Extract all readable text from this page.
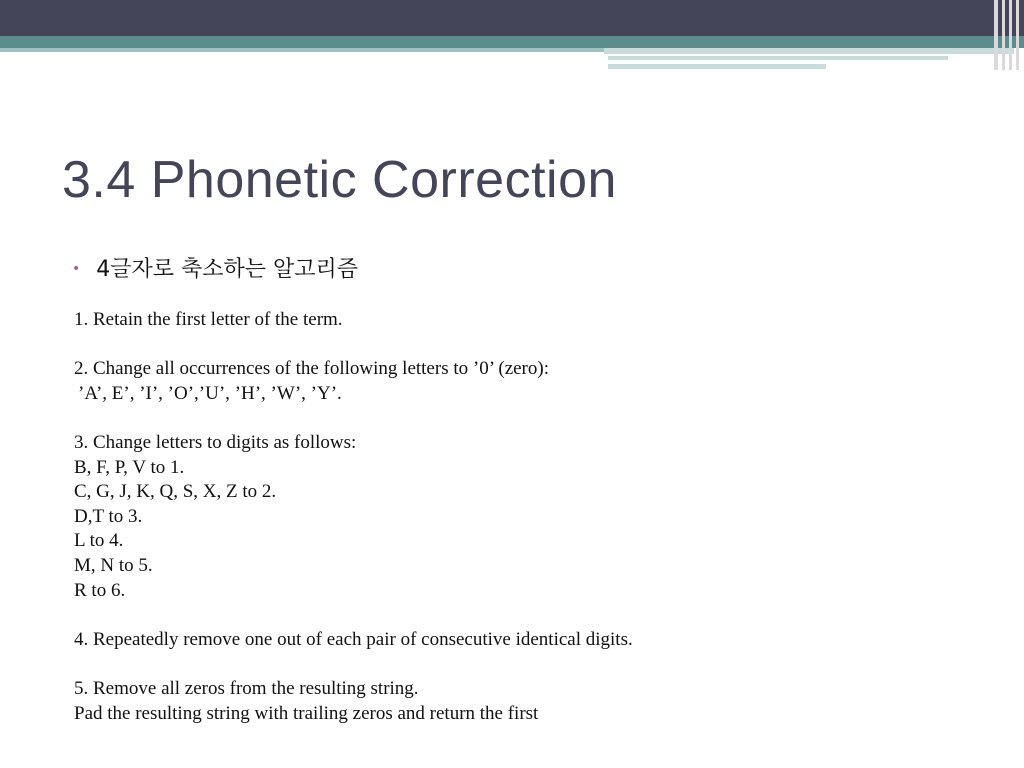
3.4 Phonetic Correction
• 4글자로 축소하는 알고리즘

1. Retain the first letter of the term.

2. Change all occurrences of the following letters to ’0’ (zero):

’A’, E’, ’I’, ’O’,’U’, ’H’, ’W’, ’Y’.

3. Change letters to digits as follows:

B, F, P, V to 1.

C, G, J, K, Q, S, X, Z to 2.

D,T to 3.

L to 4.

M, N to 5.

R to 6.

4. Repeatedly remove one out of each pair of consecutive identical digits.

5. Remove all zeros from the resulting string.

Pad the resulting string with trailing zeros and return the first
